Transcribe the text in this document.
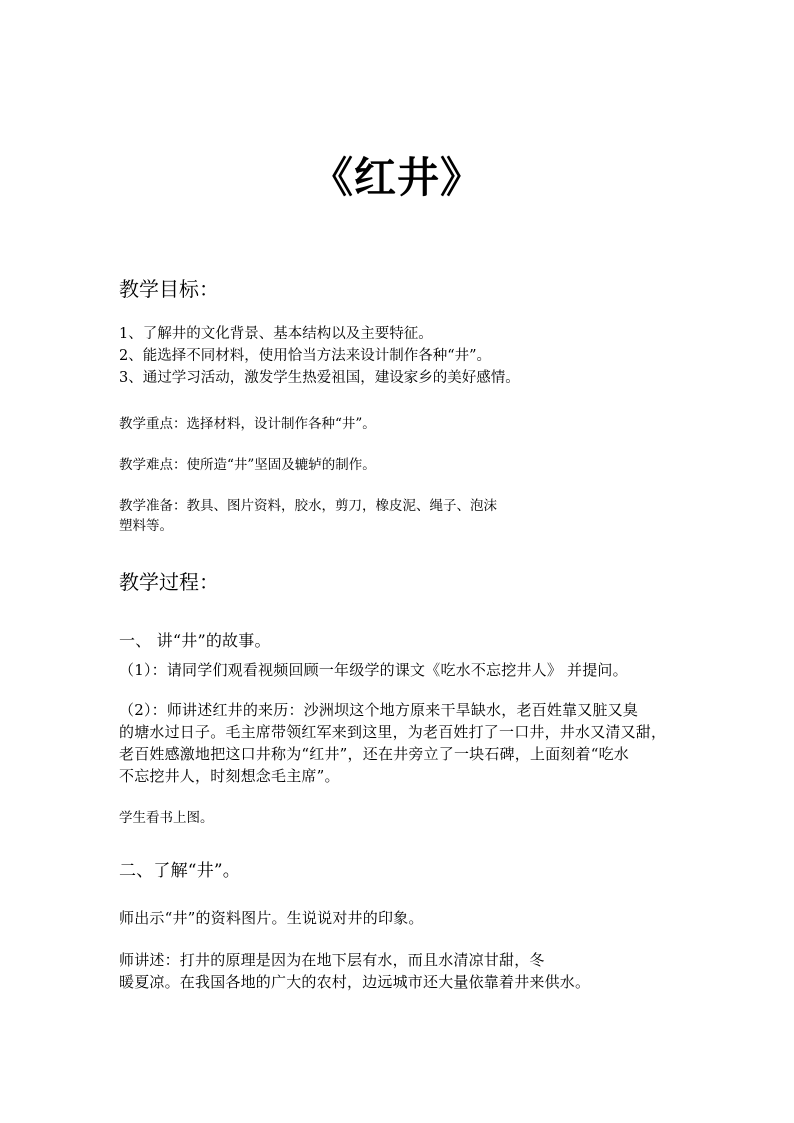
《红井》
教学目标：
1、了解井的文化背景、基本结构以及主要特征。
2、能选择不同材料，使用恰当方法来设计制作各种“井”。
3、通过学习活动，激发学生热爱祖国，建设家乡的美好感情。
教学重点：选择材料，设计制作各种“井”。
教学难点：使所造“井”坚固及辘轳的制作。
教学准备：教具、图片资料，胶水，剪刀，橡皮泥、绳子、泡沫
塑料等。
教学过程：
一、 讲“井”的故事。
（1）：请同学们观看视频回顾一年级学的课文《吃水不忘挖井人》 并提问。
（2）：师讲述红井的来历：沙洲坝这个地方原来干旱缺水，老百姓靠又脏又臭
的塘水过日子。毛主席带领红军来到这里，为老百姓打了一口井，井水又清又甜，
老百姓感激地把这口井称为“红井”，还在井旁立了一块石碑，上面刻着“吃水
不忘挖井人，时刻想念毛主席”。
学生看书上图。
二、了解“井”。
师出示“井”的资料图片。生说说对井的印象。
师讲述：打井的原理是因为在地下层有水，而且水清凉甘甜，冬
暖夏凉。在我国各地的广大的农村，边远城市还大量依靠着井来供水。
